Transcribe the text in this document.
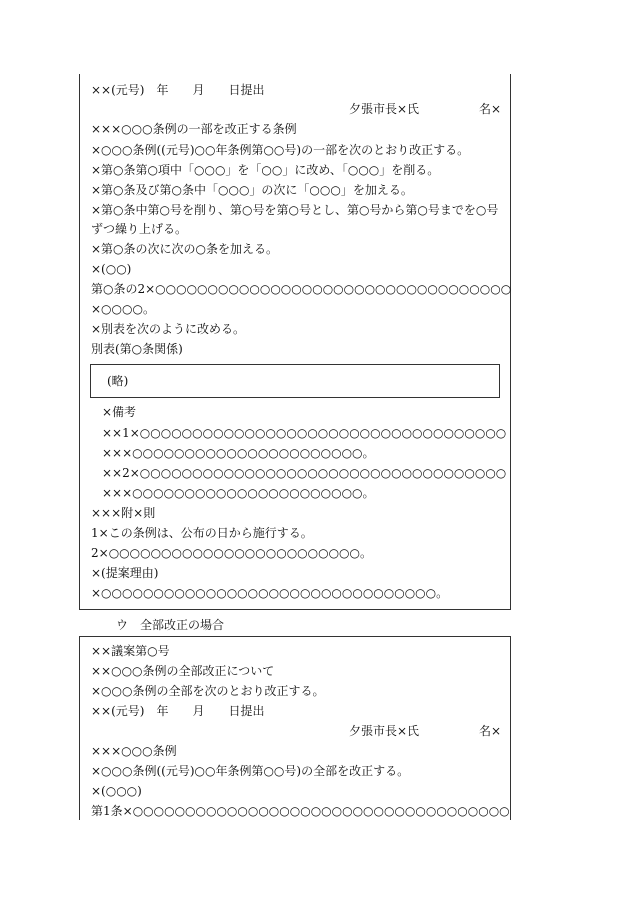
××(元号)　年　　月　　日提出
夕張市長×氏	名×
×××○○○条例の一部を改正する条例
×○○○条例((元号)○○年条例第○○号)の一部を次のとおり改正する。
×第○条第○項中「○○○」を「○○」に改め、「○○○」を削る。
×第○条及び第○条中「○○○」の次に「○○○」を加える。
×第○条中第○号を削り、第○号を第○号とし、第○号から第○号までを○号
ずつ繰り上げる。
×第○条の次に次の○条を加える。
×(○○)
第○条の2×○○○○○○○○○○○○○○○○○○○○○○○○○○○○○○○○○○
×○○○○。
×別表を次のように改める。
別表(第○条関係)
(略)
×備考
××1×○○○○○○○○○○○○○○○○○○○○○○○○○○○○○○○○○○○
×××○○○○○○○○○○○○○○○○○○○○○○。
××2×○○○○○○○○○○○○○○○○○○○○○○○○○○○○○○○○○○○
×××○○○○○○○○○○○○○○○○○○○○○○。
×××附×則
1×この条例は、公布の日から施行する。
2×○○○○○○○○○○○○○○○○○○○○○○○○。
×(提案理由)
×○○○○○○○○○○○○○○○○○○○○○○○○○○○○○○○○。
ウ　全部改正の場合
××議案第○号
××○○○条例の全部改正について
×○○○条例の全部を次のとおり改正する。
××(元号)　年　　月　　日提出
夕張市長×氏	名×
×××○○○条例
×○○○条例((元号)○○年条例第○○号)の全部を改正する。
×(○○○)
第1条×○○○○○○○○○○○○○○○○○○○○○○○○○○○○○○○○○○○○
